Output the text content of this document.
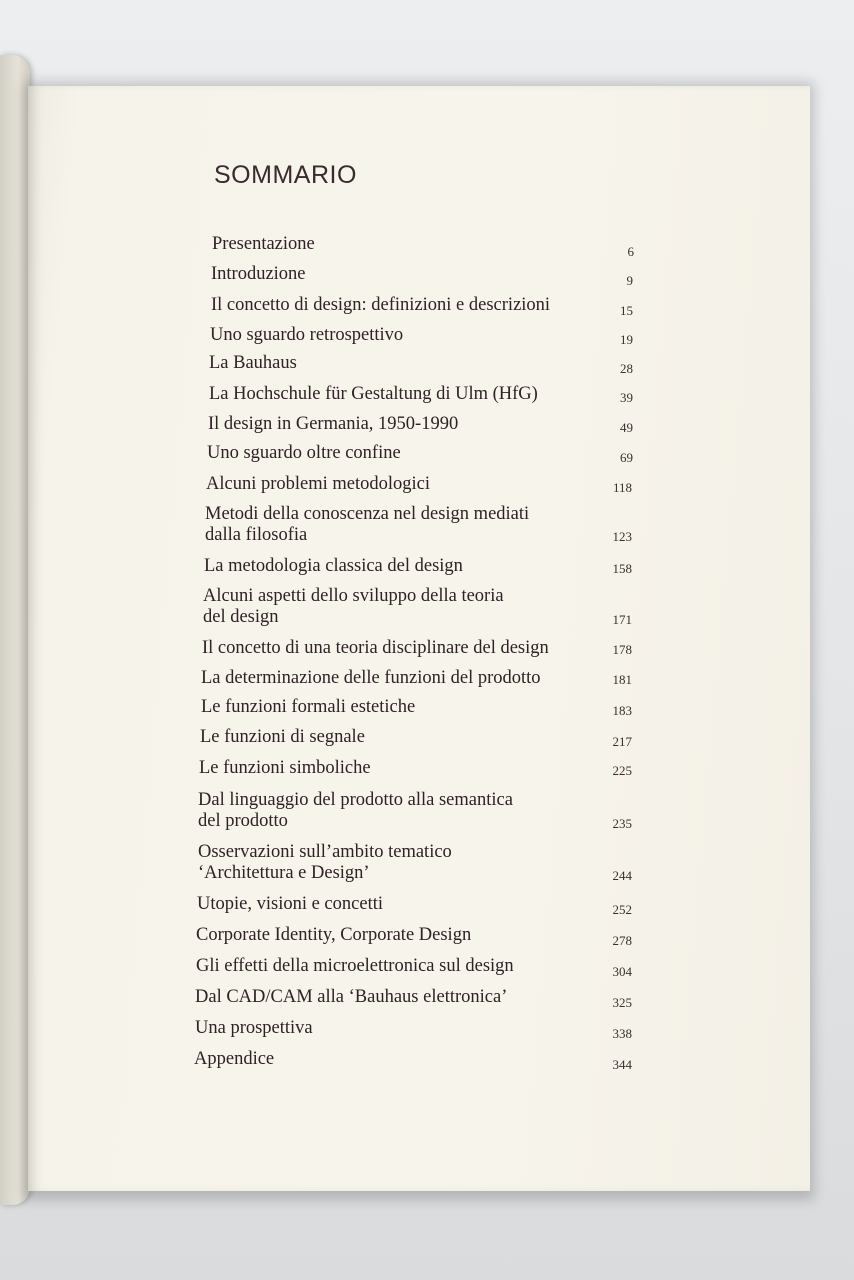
SOMMARIO
Presentazione	6
Introduzione	9
Il concetto di design: definizioni e descrizioni	15
Uno sguardo retrospettivo	19
La Bauhaus	28
La Hochschule für Gestaltung di Ulm (HfG)	39
Il design in Germania, 1950-1990	49
Uno sguardo oltre confine	69
Alcuni problemi metodologici	118
Metodi della conoscenza nel design mediati
dalla filosofia	123
La metodologia classica del design	158
Alcuni aspetti dello sviluppo della teoria
del design	171
Il concetto di una teoria disciplinare del design	178
La determinazione delle funzioni del prodotto	181
Le funzioni formali estetiche	183
Le funzioni di segnale	217
Le funzioni simboliche	225
Dal linguaggio del prodotto alla semantica
del prodotto	235
Osservazioni sull’ambito tematico
‘Architettura e Design’	244
Utopie, visioni e concetti	252
Corporate Identity, Corporate Design	278
Gli effetti della microelettronica sul design	304
Dal CAD/CAM alla ‘Bauhaus elettronica’	325
Una prospettiva	338
Appendice	344
